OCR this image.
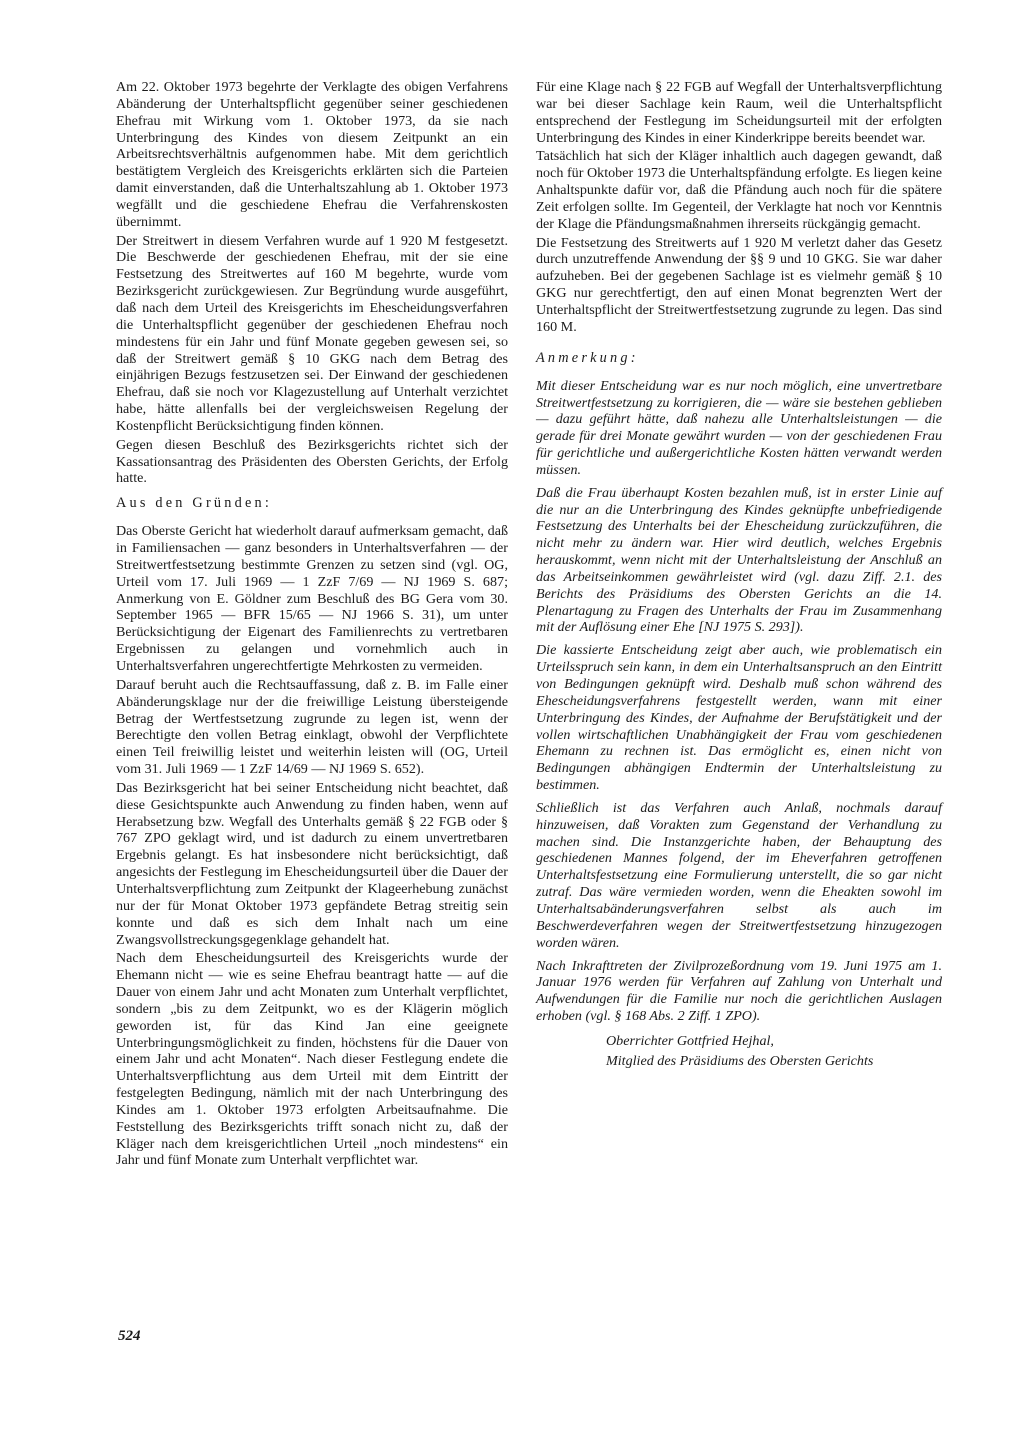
Am 22. Oktober 1973 begehrte der Verklagte des obigen Verfahrens Abänderung der Unterhaltspflicht gegenüber seiner geschiedenen Ehefrau mit Wirkung vom 1. Oktober 1973, da sie nach Unterbringung des Kindes von diesem Zeitpunkt an ein Arbeitsrechtsverhältnis aufgenommen habe. Mit dem gerichtlich bestätigtem Vergleich des Kreisgerichts erklärten sich die Parteien damit einverstanden, daß die Unterhaltszahlung ab 1. Oktober 1973 wegfällt und die geschiedene Ehefrau die Verfahrenskosten übernimmt.

Der Streitwert in diesem Verfahren wurde auf 1 920 M festgesetzt. Die Beschwerde der geschiedenen Ehefrau, mit der sie eine Festsetzung des Streitwertes auf 160 M begehrte, wurde vom Bezirksgericht zurückgewiesen. Zur Begründung wurde ausgeführt, daß nach dem Urteil des Kreisgerichts im Ehescheidungsverfahren die Unterhaltspflicht gegenüber der geschiedenen Ehefrau noch mindestens für ein Jahr und fünf Monate gegeben gewesen sei, so daß der Streitwert gemäß § 10 GKG nach dem Betrag des einjährigen Bezugs festzusetzen sei. Der Einwand der geschiedenen Ehefrau, daß sie noch vor Klagezustellung auf Unterhalt verzichtet habe, hätte allenfalls bei der vergleichsweisen Regelung der Kostenpflicht Berücksichtigung finden können.

Gegen diesen Beschluß des Bezirksgerichts richtet sich der Kassationsantrag des Präsidenten des Obersten Gerichts, der Erfolg hatte.

Aus den Gründen:

Das Oberste Gericht hat wiederholt darauf aufmerksam gemacht, daß in Familiensachen — ganz besonders in Unterhaltsverfahren — der Streitwertfestsetzung bestimmte Grenzen zu setzen sind (vgl. OG, Urteil vom 17. Juli 1969 — 1 ZzF 7/69 — NJ 1969 S. 687; Anmerkung von E. Göldner zum Beschluß des BG Gera vom 30. September 1965 — BFR 15/65 — NJ 1966 S. 31), um unter Berücksichtigung der Eigenart des Familienrechts zu vertretbaren Ergebnissen zu gelangen und vornehmlich auch in Unterhaltsverfahren ungerechtfertigte Mehrkosten zu vermeiden.

Darauf beruht auch die Rechtsauffassung, daß z. B. im Falle einer Abänderungsklage nur der die freiwillige Leistung übersteigende Betrag der Wertfestsetzung zugrunde zu legen ist, wenn der Berechtigte den vollen Betrag einklagt, obwohl der Verpflichtete einen Teil freiwillig leistet und weiterhin leisten will (OG, Urteil vom 31. Juli 1969 — 1 ZzF 14/69 — NJ 1969 S. 652).

Das Bezirksgericht hat bei seiner Entscheidung nicht beachtet, daß diese Gesichtspunkte auch Anwendung zu finden haben, wenn auf Herabsetzung bzw. Wegfall des Unterhalts gemäß § 22 FGB oder § 767 ZPO geklagt wird, und ist dadurch zu einem unvertretbaren Ergebnis gelangt. Es hat insbesondere nicht berücksichtigt, daß angesichts der Festlegung im Ehescheidungsurteil über die Dauer der Unterhaltsverpflichtung zum Zeitpunkt der Klageerhebung zunächst nur der für Monat Oktober 1973 gepfändete Betrag streitig sein konnte und daß es sich dem Inhalt nach um eine Zwangsvollstreckungsgegenklage gehandelt hat.

Nach dem Ehescheidungsurteil des Kreisgerichts wurde der Ehemann nicht — wie es seine Ehefrau beantragt hatte — auf die Dauer von einem Jahr und acht Monaten zum Unterhalt verpflichtet, sondern „bis zu dem Zeitpunkt, wo es der Klägerin möglich geworden ist, für das Kind Jan eine geeignete Unterbringungsmöglichkeit zu finden, höchstens für die Dauer von einem Jahr und acht Monaten“. Nach dieser Festlegung endete die Unterhaltsverpflichtung aus dem Urteil mit dem Eintritt der festgelegten Bedingung, nämlich mit der nach Unterbringung des Kindes am 1. Oktober 1973 erfolgten Arbeitsaufnahme. Die Feststellung des Bezirksgerichts trifft sonach nicht zu, daß der Kläger nach dem kreisgerichtlichen Urteil „noch mindestens“ ein Jahr und fünf Monate zum Unterhalt verpflichtet war.

Für eine Klage nach § 22 FGB auf Wegfall der Unterhaltsverpflichtung war bei dieser Sachlage kein Raum, weil die Unterhaltspflicht entsprechend der Festlegung im Scheidungsurteil mit der erfolgten Unterbringung des Kindes in einer Kinderkrippe bereits beendet war.

Tatsächlich hat sich der Kläger inhaltlich auch dagegen gewandt, daß noch für Oktober 1973 die Unterhaltspfändung erfolgte. Es liegen keine Anhaltspunkte dafür vor, daß die Pfändung auch noch für die spätere Zeit erfolgen sollte. Im Gegenteil, der Verklagte hat noch vor Kenntnis der Klage die Pfändungsmaßnahmen ihrerseits rückgängig gemacht.

Die Festsetzung des Streitwerts auf 1 920 M verletzt daher das Gesetz durch unzutreffende Anwendung der §§ 9 und 10 GKG. Sie war daher aufzuheben. Bei der gegebenen Sachlage ist es vielmehr gemäß § 10 GKG nur gerechtfertigt, den auf einen Monat begrenzten Wert der Unterhaltspflicht der Streitwertfestsetzung zugrunde zu legen. Das sind 160 M.

Anmerkung:

Mit dieser Entscheidung war es nur noch möglich, eine unvertretbare Streitwertfestsetzung zu korrigieren, die — wäre sie bestehen geblieben — dazu geführt hätte, daß nahezu alle Unterhaltsleistungen — die gerade für drei Monate gewährt wurden — von der geschiedenen Frau für gerichtliche und außergerichtliche Kosten hätten verwandt werden müssen.

Daß die Frau überhaupt Kosten bezahlen muß, ist in erster Linie auf die nur an die Unterbringung des Kindes geknüpfte unbefriedigende Festsetzung des Unterhalts bei der Ehescheidung zurückzuführen, die nicht mehr zu ändern war. Hier wird deutlich, welches Ergebnis herauskommt, wenn nicht mit der Unterhaltsleistung der Anschluß an das Arbeitseinkommen gewährleistet wird (vgl. dazu Ziff. 2.1. des Berichts des Präsidiums des Obersten Gerichts an die 14. Plenartagung zu Fragen des Unterhalts der Frau im Zusammenhang mit der Auflösung einer Ehe [NJ 1975 S. 293]).

Die kassierte Entscheidung zeigt aber auch, wie problematisch ein Urteilsspruch sein kann, in dem ein Unterhaltsanspruch an den Eintritt von Bedingungen geknüpft wird. Deshalb muß schon während des Ehescheidungsverfahrens festgestellt werden, wann mit einer Unterbringung des Kindes, der Aufnahme der Berufstätigkeit und der vollen wirtschaftlichen Unabhängigkeit der Frau vom geschiedenen Ehemann zu rechnen ist. Das ermöglicht es, einen nicht von Bedingungen abhängigen Endtermin der Unterhaltsleistung zu bestimmen.

Schließlich ist das Verfahren auch Anlaß, nochmals darauf hinzuweisen, daß Vorakten zum Gegenstand der Verhandlung zu machen sind. Die Instanzgerichte haben, der Behauptung des geschiedenen Mannes folgend, der im Eheverfahren getroffenen Unterhaltsfestsetzung eine Formulierung unterstellt, die so gar nicht zutraf. Das wäre vermieden worden, wenn die Eheakten sowohl im Unterhaltsabänderungsverfahren selbst als auch im Beschwerdeverfahren wegen der Streitwertfestsetzung hinzugezogen worden wären.

Nach Inkrafttreten der Zivilprozeßordnung vom 19. Juni 1975 am 1. Januar 1976 werden für Verfahren auf Zahlung von Unterhalt und Aufwendungen für die Familie nur noch die gerichtlichen Auslagen erhoben (vgl. § 168 Abs. 2 Ziff. 1 ZPO).

Oberrichter Gottfried Hejhal,
Mitglied des Präsidiums des Obersten Gerichts
524
